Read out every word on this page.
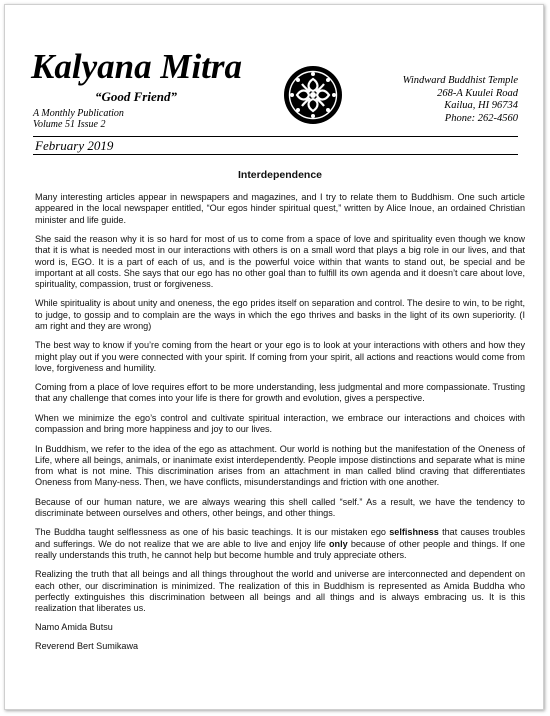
Kalyana Mitra
“Good Friend”
A Monthly Publication
Volume 51 Issue 2
Windward Buddhist Temple
268-A Kuulei Road
Kailua, HI 96734
Phone: 262-4560
February 2019
Interdependence

Many interesting articles appear in newspapers and magazines, and I try to relate them to Buddhism. One such article appeared in the local newspaper entitled, “Our egos hinder spiritual quest,” written by Alice Inoue, an ordained Christian minister and life guide.

She said the reason why it is so hard for most of us to come from a space of love and spirituality even though we know that it is what is needed most in our interactions with others is on a small word that plays a big role in our lives, and that word is, EGO. It is a part of each of us, and is the powerful voice within that wants to stand out, be special and be important at all costs. She says that our ego has no other goal than to fulfill its own agenda and it doesn’t care about love, spirituality, compassion, trust or forgiveness.

While spirituality is about unity and oneness, the ego prides itself on separation and control. The desire to win, to be right, to judge, to gossip and to complain are the ways in which the ego thrives and basks in the light of its own superiority. (I am right and they are wrong)

The best way to know if you’re coming from the heart or your ego is to look at your interactions with others and how they might play out if you were connected with your spirit. If coming from your spirit, all actions and reactions would come from love, forgiveness and humility.

Coming from a place of love requires effort to be more understanding, less judgmental and more compassionate. Trusting that any challenge that comes into your life is there for growth and evolution, gives a perspective.

When we minimize the ego’s control and cultivate spiritual interaction, we embrace our interactions and choices with compassion and bring more happiness and joy to our lives.

In Buddhism, we refer to the idea of the ego as attachment. Our world is nothing but the manifestation of the Oneness of Life, where all beings, animals, or inanimate exist interdependently. People impose distinctions and separate what is mine from what is not mine. This discrimination arises from an attachment in man called blind craving that differentiates Oneness from Many-ness. Then, we have conflicts, misunderstandings and friction with one another.

Because of our human nature, we are always wearing this shell called “self.” As a result, we have the tendency to discriminate between ourselves and others, other beings, and other things.

The Buddha taught selflessness as one of his basic teachings. It is our mistaken ego selfishness that causes troubles and sufferings. We do not realize that we are able to live and enjoy life only because of other people and things. If one really understands this truth, he cannot help but become humble and truly appreciate others.

Realizing the truth that all beings and all things throughout the world and universe are interconnected and dependent on each other, our discrimination is minimized. The realization of this in Buddhism is represented as Amida Buddha who perfectly extinguishes this discrimination between all beings and all things and is always embracing us. It is this realization that liberates us.

Namo Amida Butsu
Reverend Bert Sumikawa
